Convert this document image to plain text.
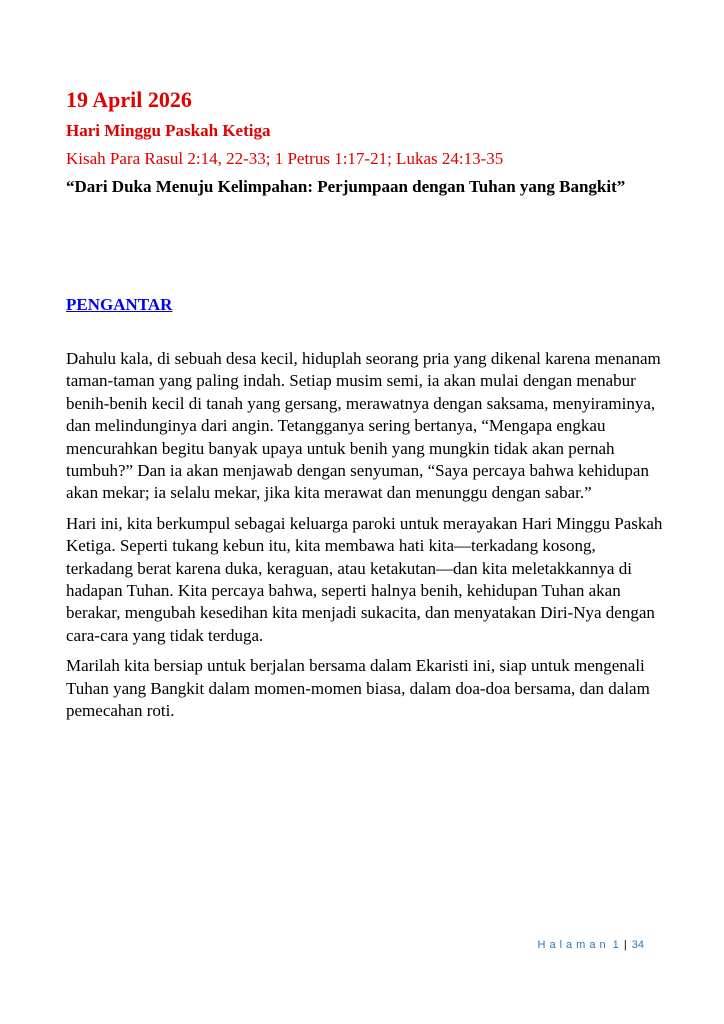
19 April 2026
Hari Minggu Paskah Ketiga
Kisah Para Rasul 2:14, 22-33; 1 Petrus 1:17-21; Lukas 24:13-35
“Dari Duka Menuju Kelimpahan: Perjumpaan dengan Tuhan yang Bangkit”
PENGANTAR

Dahulu kala, di sebuah desa kecil, hiduplah seorang pria yang dikenal karena menanam taman-taman yang paling indah. Setiap musim semi, ia akan mulai dengan menabur benih-benih kecil di tanah yang gersang, merawatnya dengan saksama, menyiraminya, dan melindunginya dari angin. Tetangganya sering bertanya, “Mengapa engkau mencurahkan begitu banyak upaya untuk benih yang mungkin tidak akan pernah tumbuh?” Dan ia akan menjawab dengan senyuman, “Saya percaya bahwa kehidupan akan mekar; ia selalu mekar, jika kita merawat dan menunggu dengan sabar.”

Hari ini, kita berkumpul sebagai keluarga paroki untuk merayakan Hari Minggu Paskah Ketiga. Seperti tukang kebun itu, kita membawa hati kita—terkadang kosong, terkadang berat karena duka, keraguan, atau ketakutan—dan kita meletakkannya di hadapan Tuhan. Kita percaya bahwa, seperti halnya benih, kehidupan Tuhan akan berakar, mengubah kesedihan kita menjadi sukacita, dan menyatakan Diri-Nya dengan cara-cara yang tidak terduga.

Marilah kita bersiap untuk berjalan bersama dalam Ekaristi ini, siap untuk mengenali Tuhan yang Bangkit dalam momen-momen biasa, dalam doa-doa bersama, dan dalam pemecahan roti.

Halaman 1 | 34
